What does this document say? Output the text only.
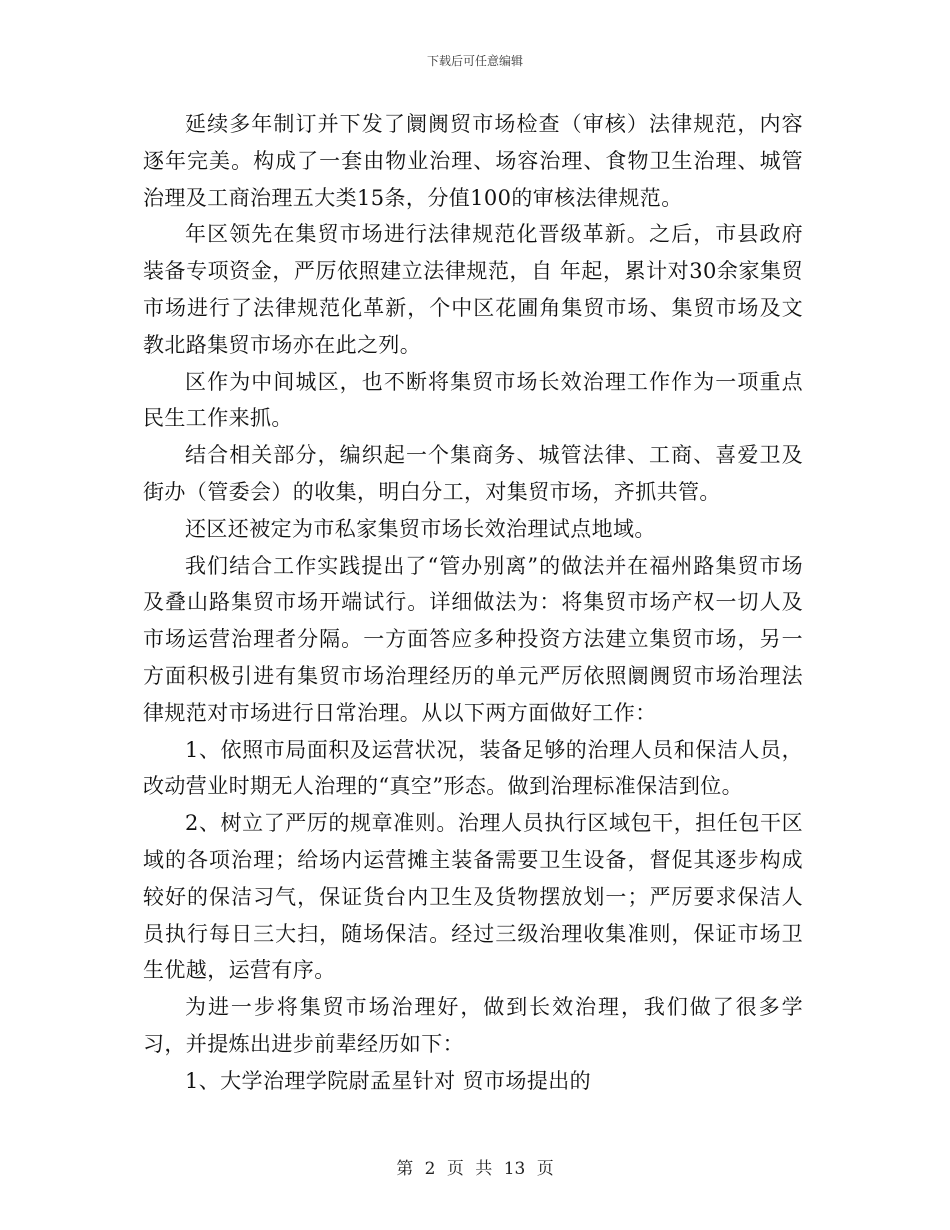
下载后可任意编辑

延续多年制订并下发了阛阓贸市场检查（审核）法律规范，内容逐年完美。构成了一套由物业治理、场容治理、食物卫生治理、城管治理及工商治理五大类15条，分值100的审核法律规范。

年区领先在集贸市场进行法律规范化晋级革新。之后，市县政府装备专项资金，严厉依照建立法律规范，自 年起，累计对30余家集贸市场进行了法律规范化革新，个中区花圃角集贸市场、集贸市场及文教北路集贸市场亦在此之列。

区作为中间城区，也不断将集贸市场长效治理工作作为一项重点民生工作来抓。

结合相关部分，编织起一个集商务、城管法律、工商、喜爱卫及街办（管委会）的收集，明白分工，对集贸市场，齐抓共管。

还区还被定为市私家集贸市场长效治理试点地域。

我们结合工作实践提出了“管办别离”的做法并在福州路集贸市场及叠山路集贸市场开端试行。详细做法为：将集贸市场产权一切人及市场运营治理者分隔。一方面答应多种投资方法建立集贸市场，另一方面积极引进有集贸市场治理经历的单元严厉依照阛阓贸市场治理法律规范对市场进行日常治理。从以下两方面做好工作：

1、依照市局面积及运营状况，装备足够的治理人员和保洁人员，改动营业时期无人治理的“真空”形态。做到治理标准保洁到位。

2、树立了严厉的规章准则。治理人员执行区域包干，担任包干区域的各项治理；给场内运营摊主装备需要卫生设备，督促其逐步构成较好的保洁习气，保证货台内卫生及货物摆放划一；严厉要求保洁人员执行每日三大扫，随场保洁。经过三级治理收集准则，保证市场卫生优越，运营有序。

为进一步将集贸市场治理好，做到长效治理，我们做了很多学习，并提炼出进步前辈经历如下：

1、大学治理学院尉孟星针对 贸市场提出的

第 2 页 共 13 页
